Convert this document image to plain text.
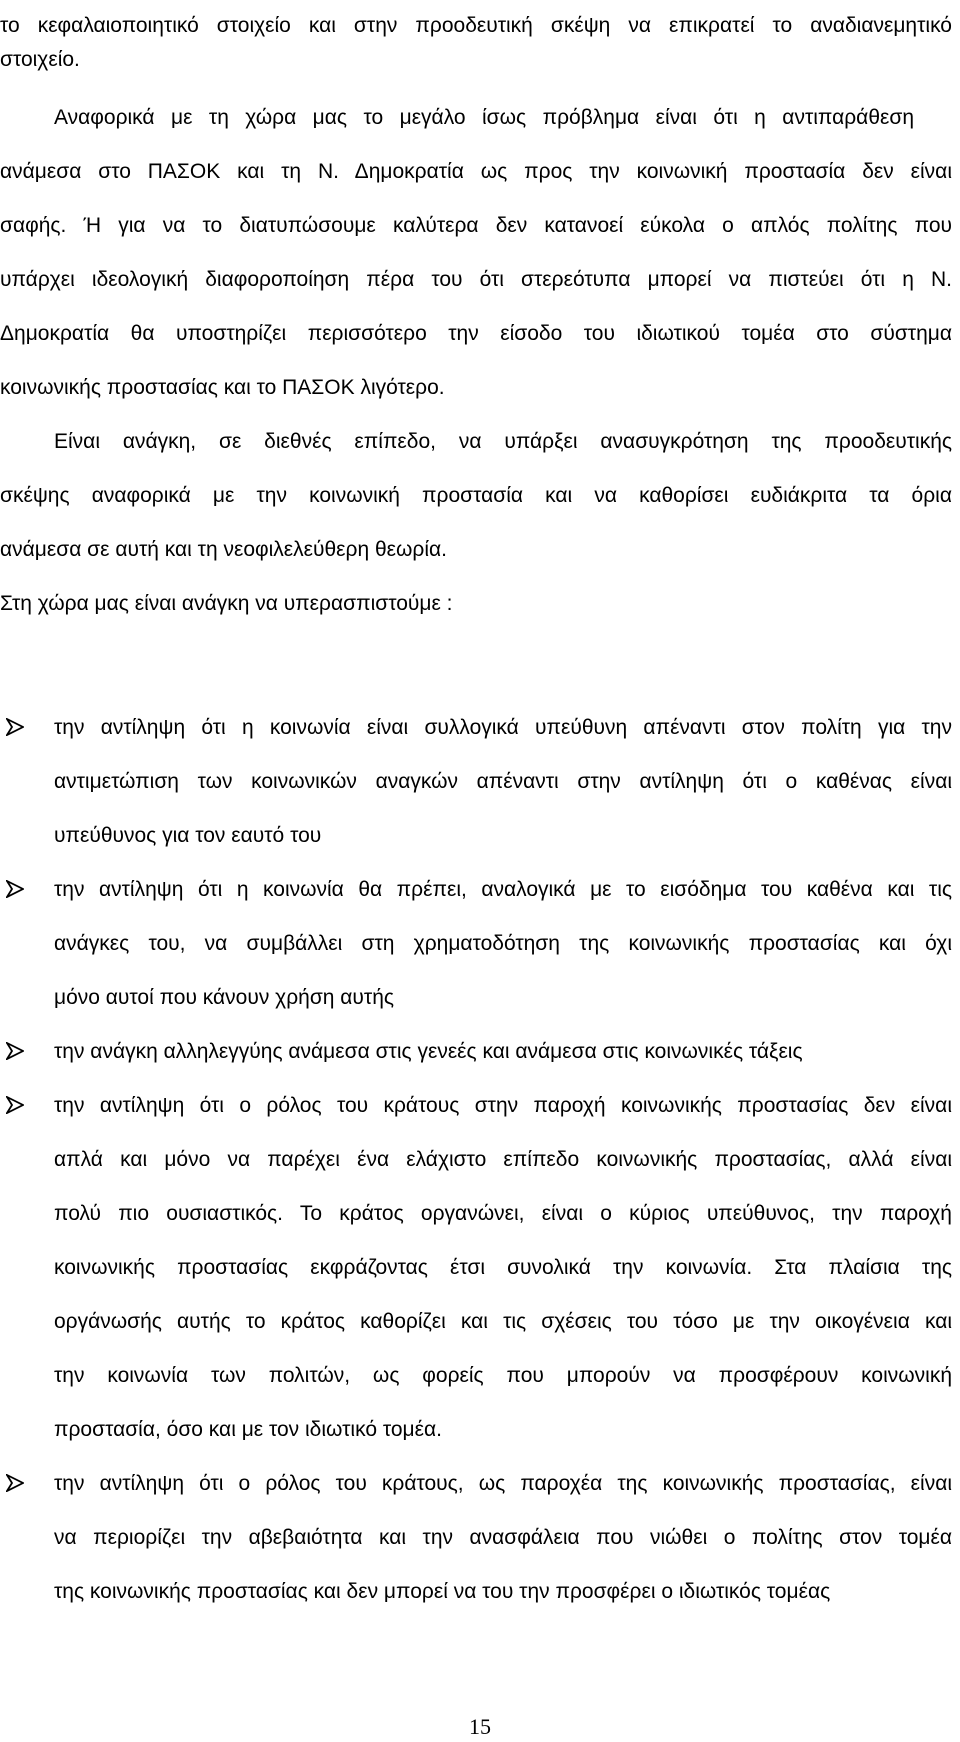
το κεφαλαιοποιητικό στοιχείο και στην προοδευτική σκέψη να επικρατεί το αναδιανεμητικό
στοιχείο.
Αναφορικά με τη χώρα μας το μεγάλο ίσως πρόβλημα είναι ότι η αντιπαράθεση
ανάμεσα στο ΠΑΣΟΚ και τη Ν. Δημοκρατία ως προς την κοινωνική προστασία δεν είναι
σαφής. Ή για να το διατυπώσουμε καλύτερα δεν κατανοεί εύκολα ο απλός πολίτης που
υπάρχει ιδεολογική διαφοροποίηση πέρα του ότι στερεότυπα μπορεί να πιστεύει ότι η Ν.
Δημοκρατία θα υποστηρίζει περισσότερο την είσοδο του ιδιωτικού τομέα στο σύστημα
κοινωνικής προστασίας και το ΠΑΣΟΚ λιγότερο.
Είναι ανάγκη, σε διεθνές επίπεδο, να υπάρξει ανασυγκρότηση της προοδευτικής
σκέψης αναφορικά με την κοινωνική προστασία και να καθορίσει ευδιάκριτα τα όρια
ανάμεσα σε αυτή και τη νεοφιλελεύθερη θεωρία.
Στη χώρα μας είναι ανάγκη να υπερασπιστούμε :
την αντίληψη ότι η κοινωνία είναι συλλογικά υπεύθυνη απέναντι στον πολίτη για την
αντιμετώπιση των κοινωνικών αναγκών απέναντι στην αντίληψη ότι ο καθένας είναι
υπεύθυνος για τον εαυτό του
την αντίληψη ότι η κοινωνία θα πρέπει, αναλογικά με το εισόδημα του καθένα και τις
ανάγκες του, να συμβάλλει στη χρηματοδότηση της κοινωνικής προστασίας και όχι
μόνο αυτοί που κάνουν χρήση αυτής
την ανάγκη αλληλεγγύης ανάμεσα στις γενεές και ανάμεσα στις κοινωνικές τάξεις
την αντίληψη ότι ο ρόλος του κράτους στην παροχή κοινωνικής προστασίας δεν είναι
απλά και μόνο να παρέχει ένα ελάχιστο επίπεδο κοινωνικής προστασίας, αλλά είναι
πολύ πιο ουσιαστικός. Το κράτος οργανώνει, είναι ο κύριος υπεύθυνος, την παροχή
κοινωνικής προστασίας εκφράζοντας έτσι συνολικά την κοινωνία. Στα πλαίσια της
οργάνωσής αυτής το κράτος καθορίζει και τις σχέσεις του τόσο με την οικογένεια και
την κοινωνία των πολιτών, ως φορείς που μπορούν να προσφέρουν κοινωνική
προστασία, όσο και με τον ιδιωτικό τομέα.
την αντίληψη ότι ο ρόλος του κράτους, ως παροχέα της κοινωνικής προστασίας, είναι
να περιορίζει την αβεβαιότητα και την ανασφάλεια που νιώθει ο πολίτης στον τομέα
της κοινωνικής προστασίας και δεν μπορεί να του την προσφέρει ο ιδιωτικός τομέας
15
